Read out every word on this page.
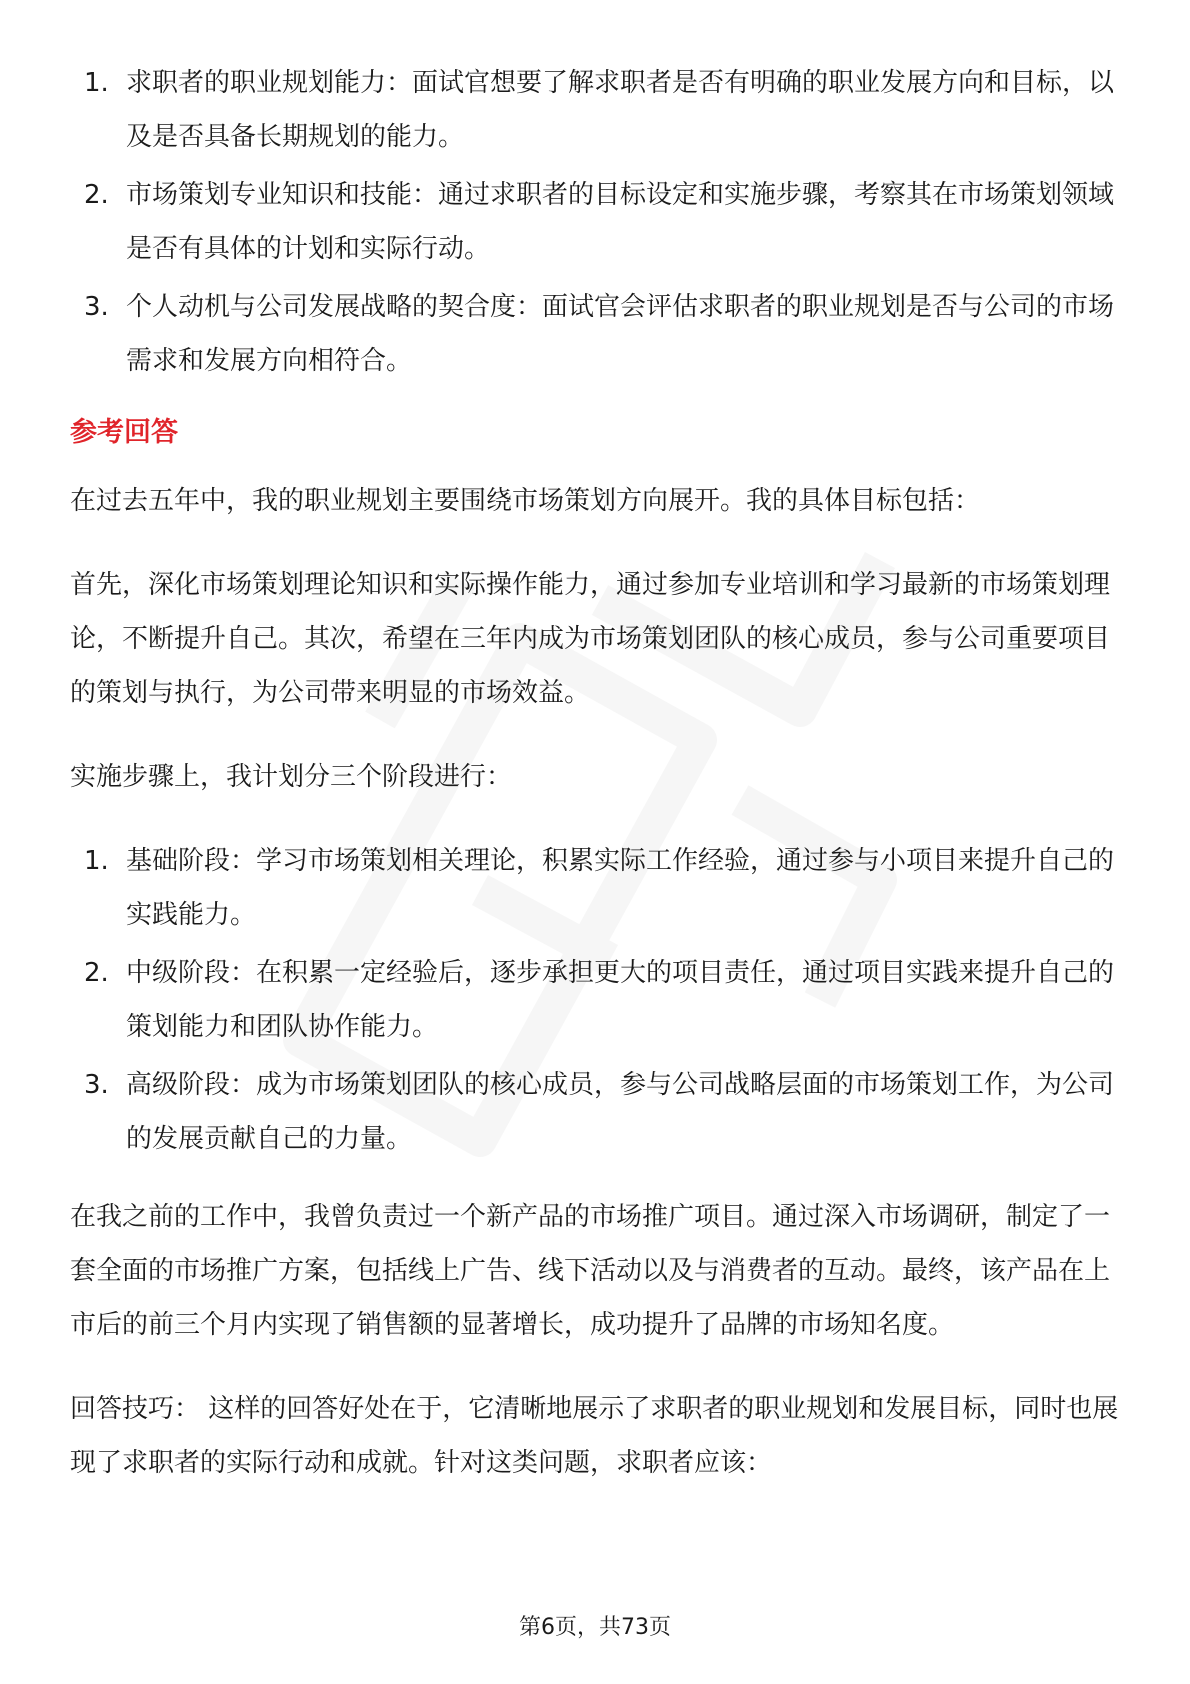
1. 求职者的职业规划能力：面试官想要了解求职者是否有明确的职业发展方向和目标，以及是否具备长期规划的能力。
2. 市场策划专业知识和技能：通过求职者的目标设定和实施步骤，考察其在市场策划领域是否有具体的计划和实际行动。
3. 个人动机与公司发展战略的契合度：面试官会评估求职者的职业规划是否与公司的市场需求和发展方向相符合。
参考回答

在过去五年中，我的职业规划主要围绕市场策划方向展开。我的具体目标包括：

首先，深化市场策划理论知识和实际操作能力，通过参加专业培训和学习最新的市场策划理论，不断提升自己。其次，希望在三年内成为市场策划团队的核心成员，参与公司重要项目的策划与执行，为公司带来明显的市场效益。

实施步骤上，我计划分三个阶段进行：

1. 基础阶段：学习市场策划相关理论，积累实际工作经验，通过参与小项目来提升自己的实践能力。
2. 中级阶段：在积累一定经验后，逐步承担更大的项目责任，通过项目实践来提升自己的策划能力和团队协作能力。
3. 高级阶段：成为市场策划团队的核心成员，参与公司战略层面的市场策划工作，为公司的发展贡献自己的力量。

在我之前的工作中，我曾负责过一个新产品的市场推广项目。通过深入市场调研，制定了一套全面的市场推广方案，包括线上广告、线下活动以及与消费者的互动。最终，该产品在上市后的前三个月内实现了销售额的显著增长，成功提升了品牌的市场知名度。

回答技巧： 这样的回答好处在于，它清晰地展示了求职者的职业规划和发展目标，同时也展现了求职者的实际行动和成就。针对这类问题，求职者应该：

第6页，共73页
